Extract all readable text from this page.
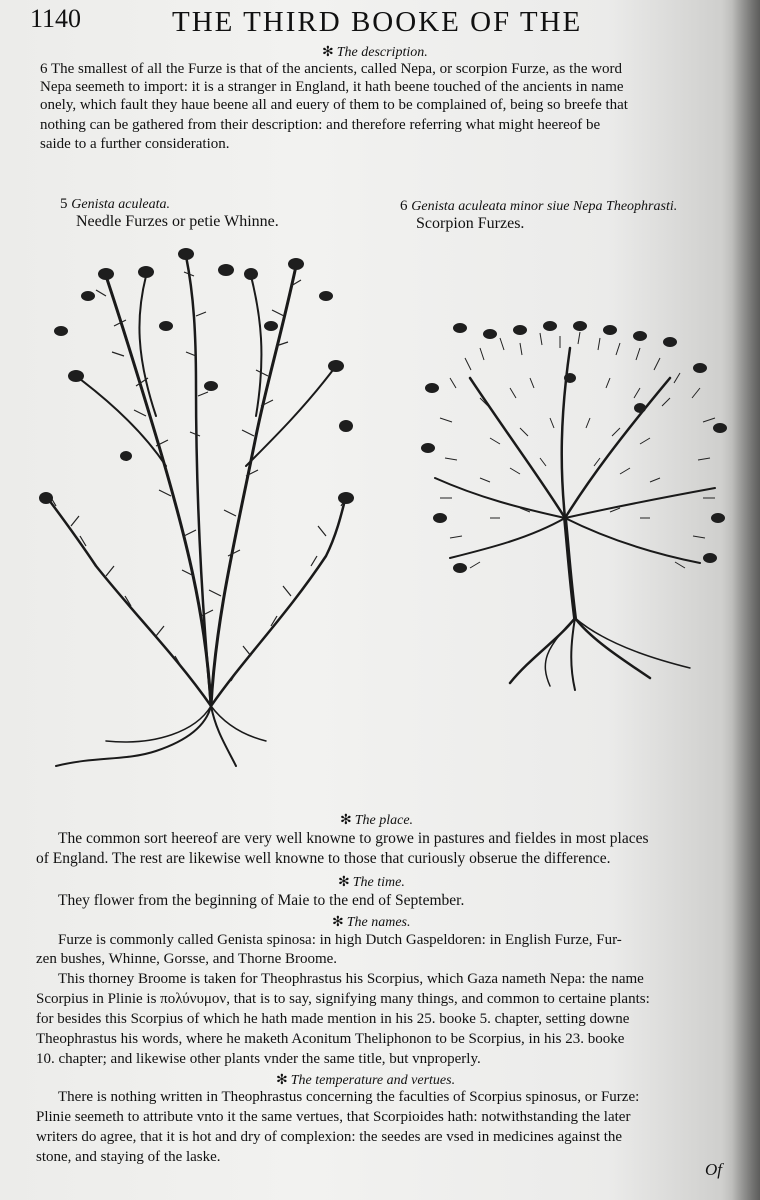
1140	THE THIRD BOOKE OF THE
✻ The description.
6 The smallest of all the Furze is that of the ancients, called Nepa, or scorpion Furze, as the word
Nepa seemeth to import: it is a stranger in England, it hath beene touched of the ancients in name
onely, which fault they haue beene all and euery of them to be complained of, being so breefe that
nothing can be gathered from their description: and therefore referring what might heereof be
saide to a further consideration.
5 Genista aculeata.
Needle Furzes or petie Whinne.
6 Genista aculeata minor siue Nepa Theophrasti.
Scorpion Furzes.
✻ The place.
The common sort heereof are very well knowne to growe in pastures and fieldes in most places
of England. The rest are likewise well knowne to those that curiously obserue the difference.
✻ The time.
They flower from the beginning of Maie to the end of September.
✻ The names.
Furze is commonly called Genista spinosa: in high Dutch Gaspeldoren: in English Furze, Fur-
zen bushes, Whinne, Gorsse, and Thorne Broome.
This thorney Broome is taken for Theophrastus his Scorpius, which Gaza nameth Nepa: the name
Scorpius in Plinie is πολύνυμον, that is to say, signifying many things, and common to certaine plants:
for besides this Scorpius of which he hath made mention in his 25. booke 5. chapter, setting downe
Theophrastus his words, where he maketh Aconitum Theliphonon to be Scorpius, in his 23. booke
10. chapter; and likewise other plants vnder the same title, but vnproperly.
✻ The temperature and vertues.
There is nothing written in Theophrastus concerning the faculties of Scorpius spinosus, or Furze:
Plinie seemeth to attribute vnto it the same vertues, that Scorpioides hath: notwithstanding the later
writers do agree, that it is hot and dry of complexion: the seedes are vsed in medicines against the
stone, and staying of the laske.
Of
